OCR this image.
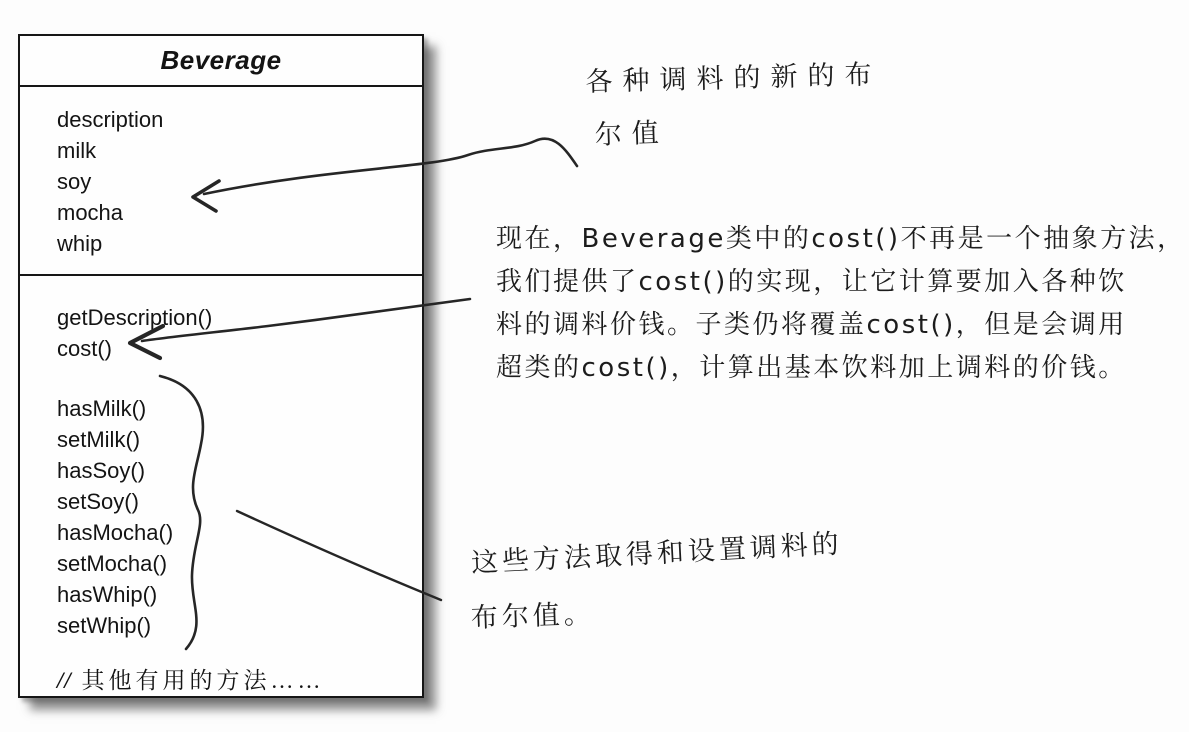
Beverage
description
milk
soy
mocha
whip
getDescription()
cost()
hasMilk()
setMilk()
hasSoy()
setSoy()
hasMocha()
setMocha()
hasWhip()
setWhip()
// 其他有用的方法……
各种调料的新的布
尔值
现在，Beverage类中的cost()不再是一个抽象方法，
我们提供了cost()的实现，让它计算要加入各种饮
料的调料价钱。子类仍将覆盖cost()，但是会调用
超类的cost()，计算出基本饮料加上调料的价钱。
这些方法取得和设置调料的
布尔值。
